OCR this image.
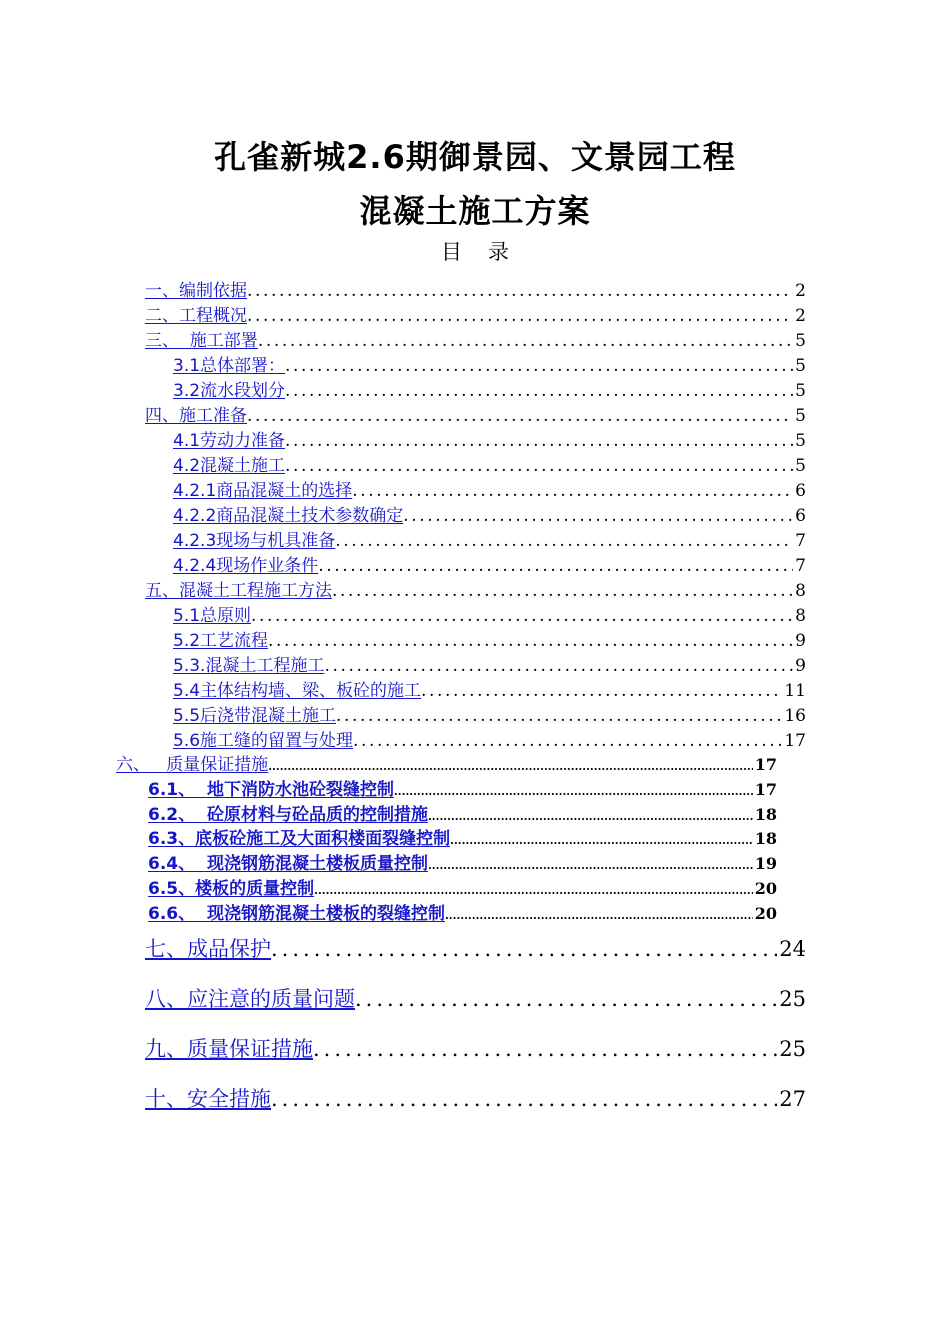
孔雀新城2.6期御景园、文景园工程
混凝土施工方案
目录
一、编制依据 .....	2
二、工程概况 .....	2
三、  施工部署 .....	5
3.1总体部署： .....	5
3.2流水段划分 .....	5
四、施工准备 .....	5
4.1劳动力准备 .....	5
4.2混凝土施工 .....	5
4.2.1商品混凝土的选择 .....	6
4.2.2商品混凝土技术参数确定 .....	6
4.2.3现场与机具准备 .....	7
4.2.4现场作业条件 .....	7
五、混凝土工程施工方法 .....	8
5.1总原则 .....	8
5.2工艺流程 .....	9
5.3.混凝土工程施工 .....	9
5.4主体结构墙、梁、板砼的施工 .....	11
5.5后浇带混凝土施工 .....	16
5.6施工缝的留置与处理 .....	17
六、   质量保证措施 .....	17
6.1、  地下消防水池砼裂缝控制 .....	17
6.2、  砼原材料与砼品质的控制措施 .....	18
6.3、底板砼施工及大面积楼面裂缝控制 .....	18
6.4、  现浇钢筋混凝土楼板质量控制 .....	19
6.5、楼板的质量控制 .....	20
6.6、  现浇钢筋混凝土楼板的裂缝控制 .....	20
七、成品保护 .....	24
八、应注意的质量问题 .....	25
九、质量保证措施 .....	25
十、安全措施 .....	27
